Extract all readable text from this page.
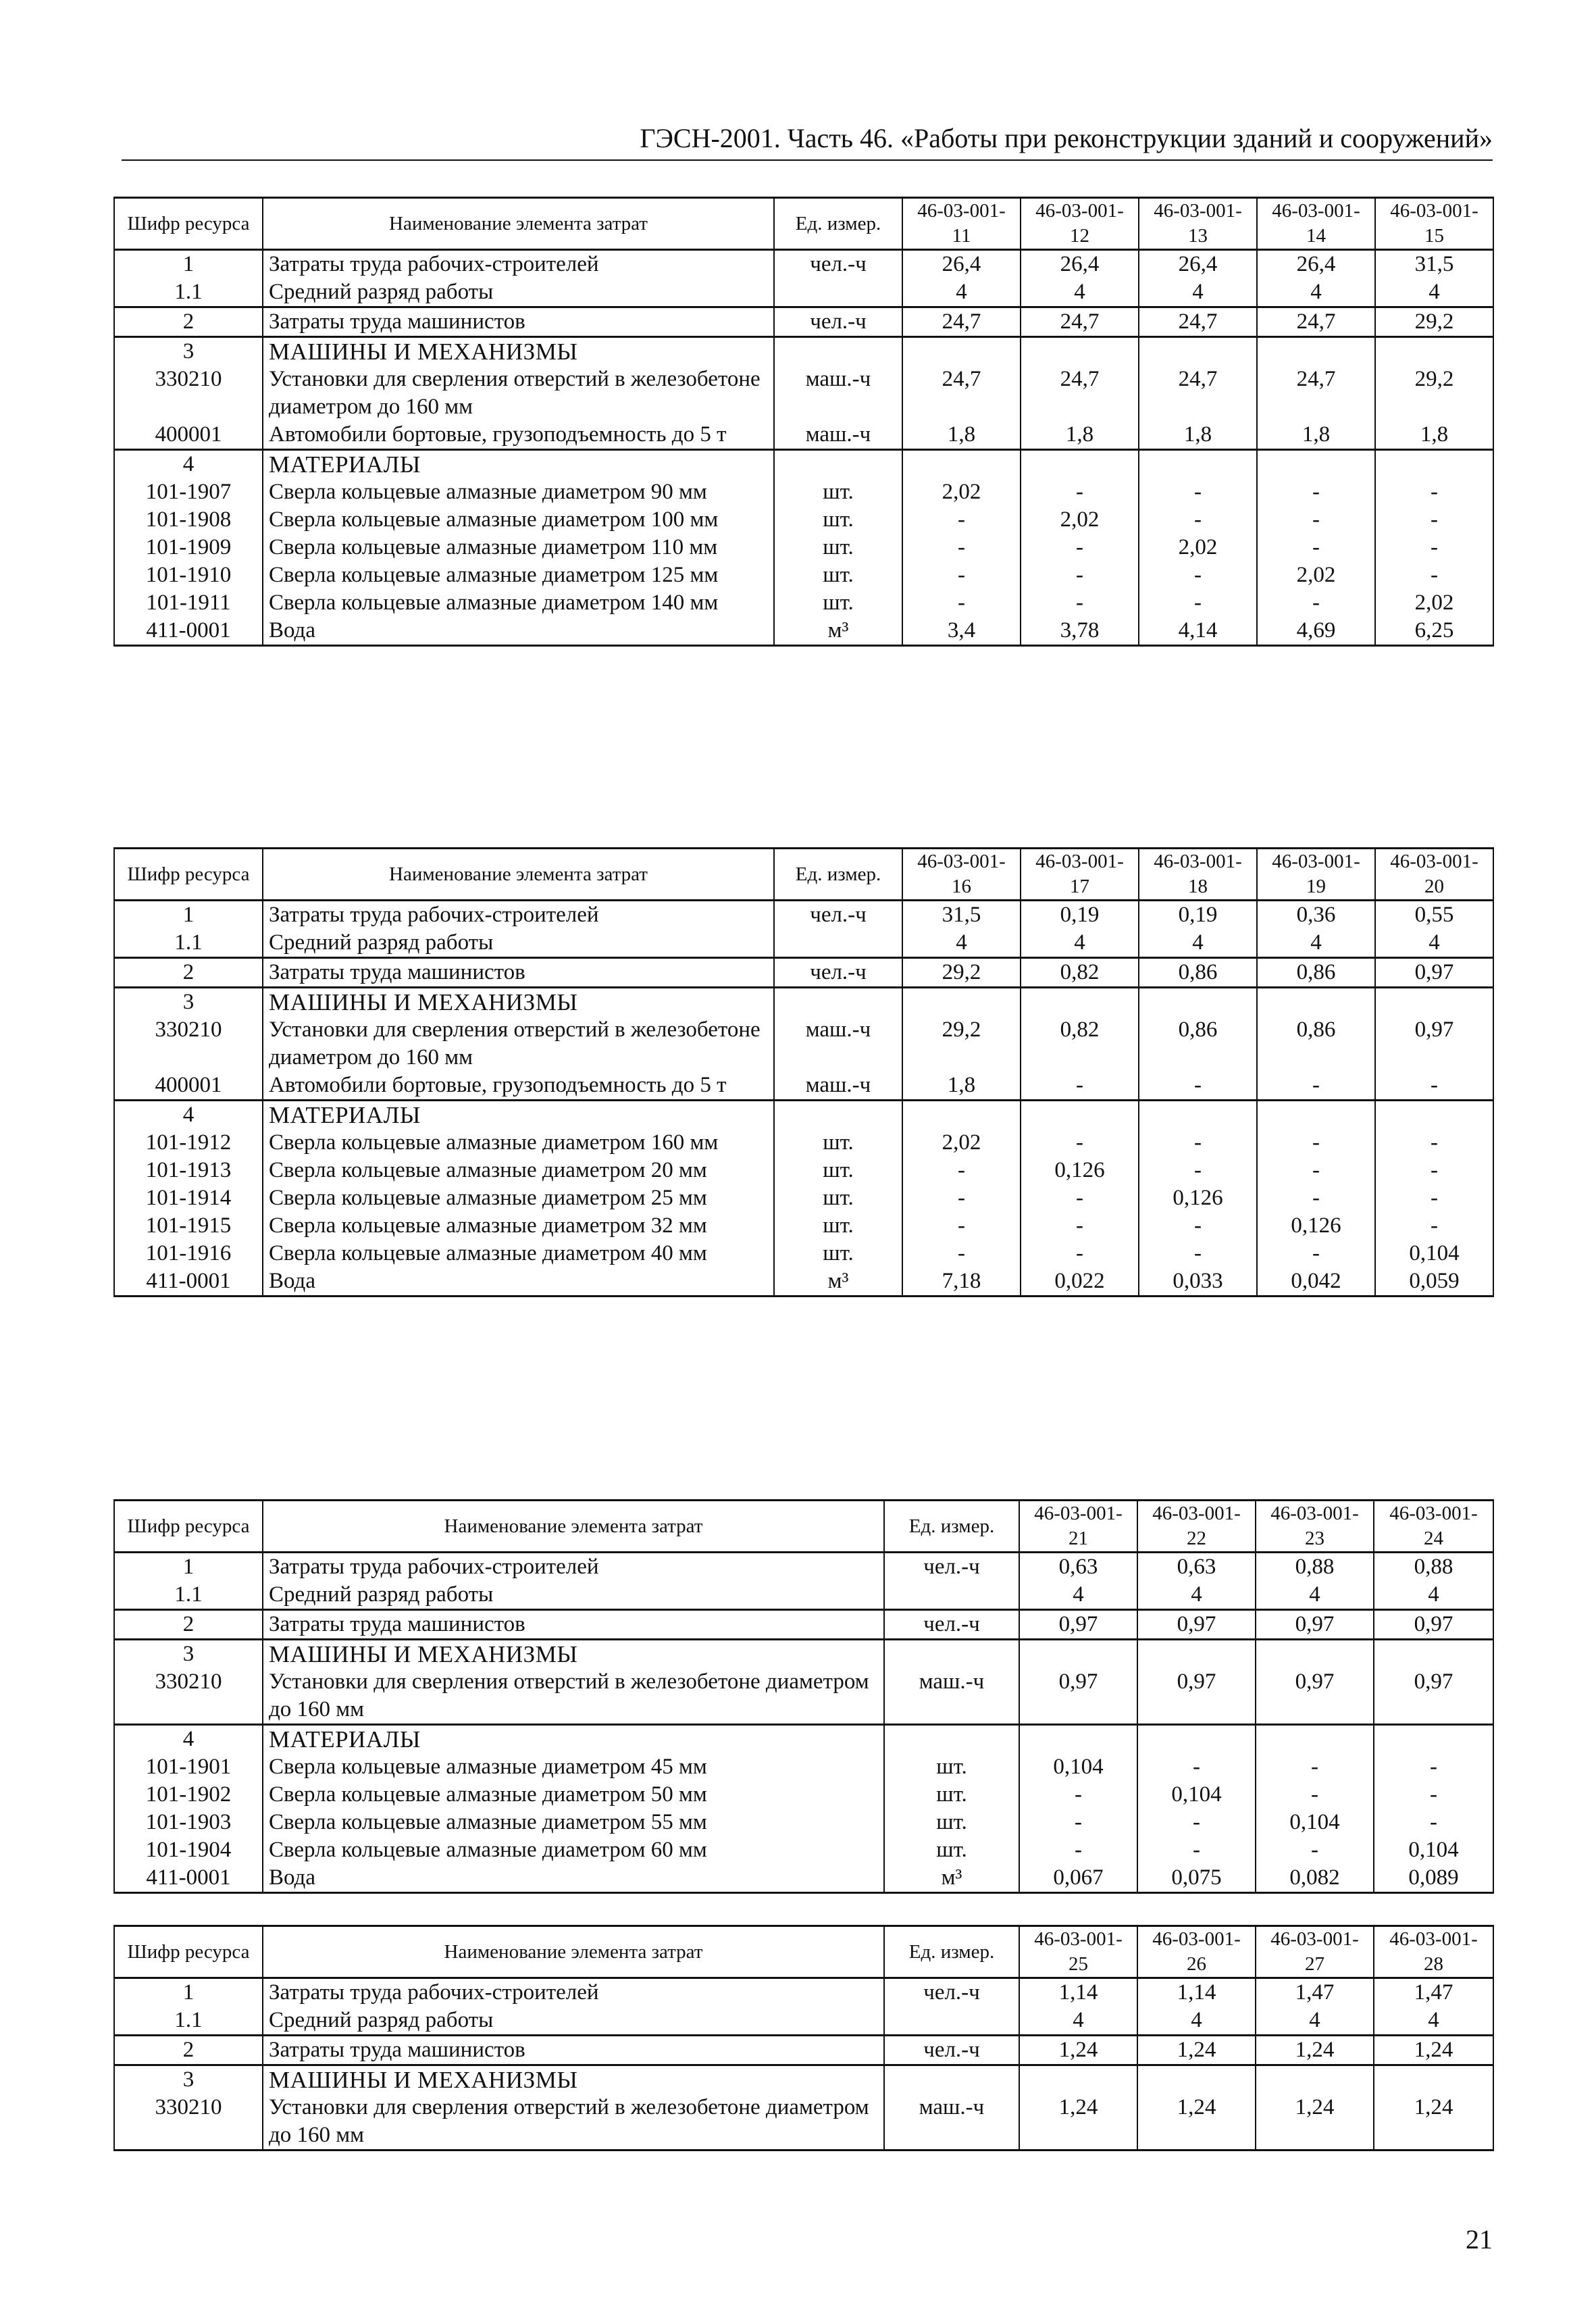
ГЭСН-2001. Часть 46. «Работы при реконструкции зданий и сооружений»
Шифр ресурса	Наименование элемента затрат	Ед. измер.	46-03-001-11	46-03-001-12	46-03-001-13	46-03-001-14	46-03-001-15
1	Затраты труда рабочих-строителей	чел.-ч	26,4	26,4	26,4	26,4	31,5
1.1	Средний разряд работы		4	4	4	4	4
2	Затраты труда машинистов	чел.-ч	24,7	24,7	24,7	24,7	29,2
3	МАШИНЫ И МЕХАНИЗМЫ						
330210	Установки для сверления отверстий в железобетоне диаметром до 160 мм	маш.-ч	24,7	24,7	24,7	24,7	29,2
400001	Автомобили бортовые, грузоподъемность до 5 т	маш.-ч	1,8	1,8	1,8	1,8	1,8
4	МАТЕРИАЛЫ						
101-1907	Сверла кольцевые алмазные диаметром 90 мм	шт.	2,02	-	-	-	-
101-1908	Сверла кольцевые алмазные диаметром 100 мм	шт.	-	2,02	-	-	-
101-1909	Сверла кольцевые алмазные диаметром 110 мм	шт.	-	-	2,02	-	-
101-1910	Сверла кольцевые алмазные диаметром 125 мм	шт.	-	-	-	2,02	-
101-1911	Сверла кольцевые алмазные диаметром 140 мм	шт.	-	-	-	-	2,02
411-0001	Вода	м³	3,4	3,78	4,14	4,69	6,25
Шифр ресурса	Наименование элемента затрат	Ед. измер.	46-03-001-16	46-03-001-17	46-03-001-18	46-03-001-19	46-03-001-20
1	Затраты труда рабочих-строителей	чел.-ч	31,5	0,19	0,19	0,36	0,55
1.1	Средний разряд работы		4	4	4	4	4
2	Затраты труда машинистов	чел.-ч	29,2	0,82	0,86	0,86	0,97
3	МАШИНЫ И МЕХАНИЗМЫ						
330210	Установки для сверления отверстий в железобетоне диаметром до 160 мм	маш.-ч	29,2	0,82	0,86	0,86	0,97
400001	Автомобили бортовые, грузоподъемность до 5 т	маш.-ч	1,8	-	-	-	-
4	МАТЕРИАЛЫ						
101-1912	Сверла кольцевые алмазные диаметром 160 мм	шт.	2,02	-	-	-	-
101-1913	Сверла кольцевые алмазные диаметром 20 мм	шт.	-	0,126	-	-	-
101-1914	Сверла кольцевые алмазные диаметром 25 мм	шт.	-	-	0,126	-	-
101-1915	Сверла кольцевые алмазные диаметром 32 мм	шт.	-	-	-	0,126	-
101-1916	Сверла кольцевые алмазные диаметром 40 мм	шт.	-	-	-	-	0,104
411-0001	Вода	м³	7,18	0,022	0,033	0,042	0,059
Шифр ресурса	Наименование элемента затрат	Ед. измер.	46-03-001-21	46-03-001-22	46-03-001-23	46-03-001-24
1	Затраты труда рабочих-строителей	чел.-ч	0,63	0,63	0,88	0,88
1.1	Средний разряд работы		4	4	4	4
2	Затраты труда машинистов	чел.-ч	0,97	0,97	0,97	0,97
3	МАШИНЫ И МЕХАНИЗМЫ					
330210	Установки для сверления отверстий в железобетоне диаметром до 160 мм	маш.-ч	0,97	0,97	0,97	0,97
4	МАТЕРИАЛЫ					
101-1901	Сверла кольцевые алмазные диаметром 45 мм	шт.	0,104	-	-	-
101-1902	Сверла кольцевые алмазные диаметром 50 мм	шт.	-	0,104	-	-
101-1903	Сверла кольцевые алмазные диаметром 55 мм	шт.	-	-	0,104	-
101-1904	Сверла кольцевые алмазные диаметром 60 мм	шт.	-	-	-	0,104
411-0001	Вода	м³	0,067	0,075	0,082	0,089
Шифр ресурса	Наименование элемента затрат	Ед. измер.	46-03-001-25	46-03-001-26	46-03-001-27	46-03-001-28
1	Затраты труда рабочих-строителей	чел.-ч	1,14	1,14	1,47	1,47
1.1	Средний разряд работы		4	4	4	4
2	Затраты труда машинистов	чел.-ч	1,24	1,24	1,24	1,24
3	МАШИНЫ И МЕХАНИЗМЫ					
330210	Установки для сверления отверстий в железобетоне диаметром до 160 мм	маш.-ч	1,24	1,24	1,24	1,24
21
